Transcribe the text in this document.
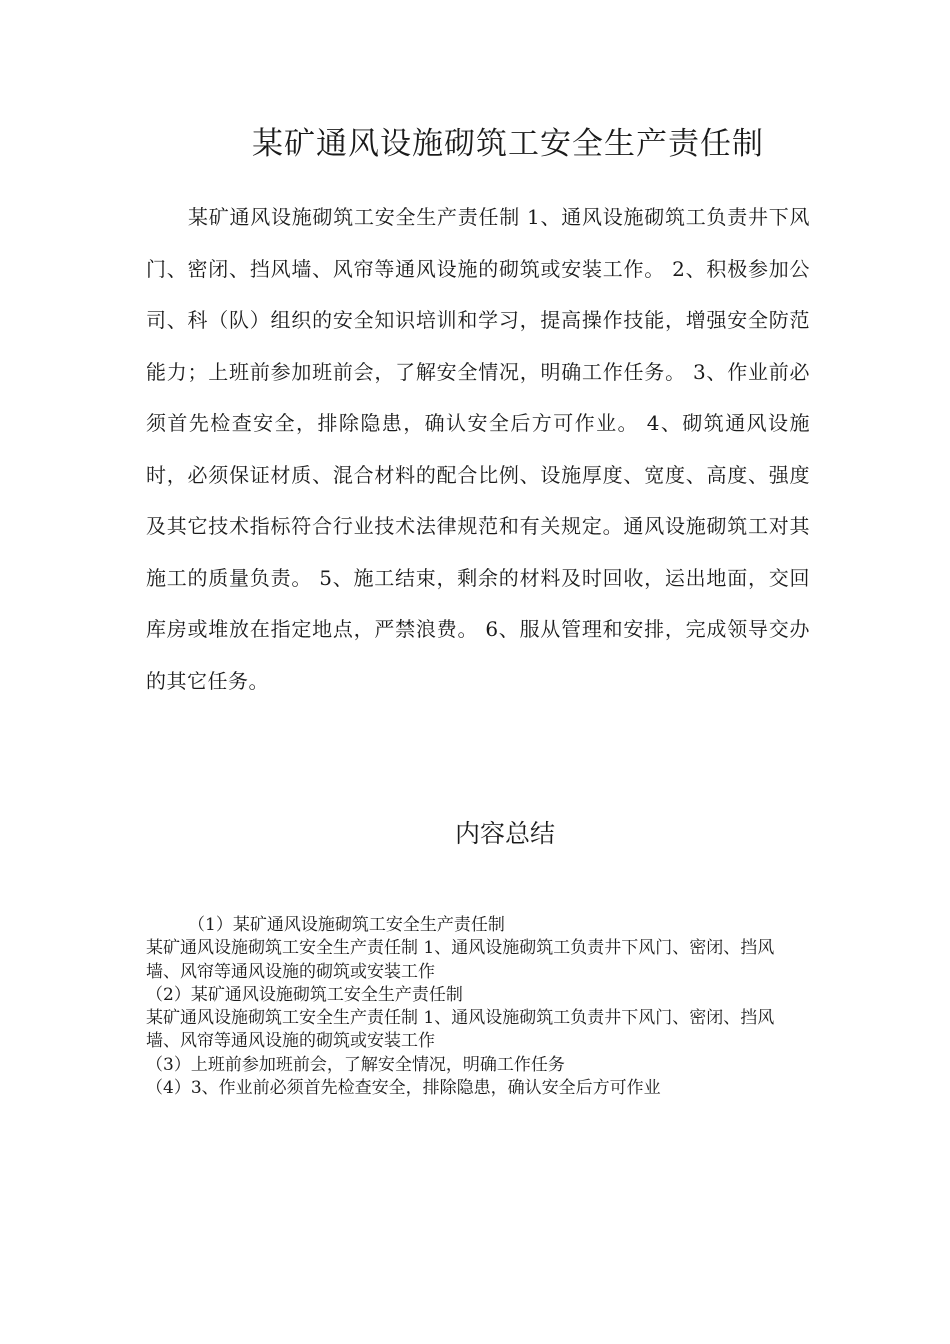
某矿通风设施砌筑工安全生产责任制

某矿通风设施砌筑工安全生产责任制 1、通风设施砌筑工负责井下风门、密闭、挡风墙、风帘等通风设施的砌筑或安装工作。 2、积极参加公司、科（队）组织的安全知识培训和学习，提高操作技能，增强安全防范能力；上班前参加班前会，了解安全情况，明确工作任务。 3、作业前必须首先检查安全，排除隐患，确认安全后方可作业。 4、砌筑通风设施时，必须保证材质、混合材料的配合比例、设施厚度、宽度、高度、强度及其它技术指标符合行业技术法律规范和有关规定。通风设施砌筑工对其施工的质量负责。 5、施工结束，剩余的材料及时回收，运出地面，交回库房或堆放在指定地点，严禁浪费。 6、服从管理和安排，完成领导交办的其它任务。

内容总结
（1）某矿通风设施砌筑工安全生产责任制
某矿通风设施砌筑工安全生产责任制 1、通风设施砌筑工负责井下风门、密闭、挡风墙、风帘等通风设施的砌筑或安装工作
（2）某矿通风设施砌筑工安全生产责任制
某矿通风设施砌筑工安全生产责任制 1、通风设施砌筑工负责井下风门、密闭、挡风墙、风帘等通风设施的砌筑或安装工作
（3）上班前参加班前会，了解安全情况，明确工作任务
（4）3、作业前必须首先检查安全，排除隐患，确认安全后方可作业
